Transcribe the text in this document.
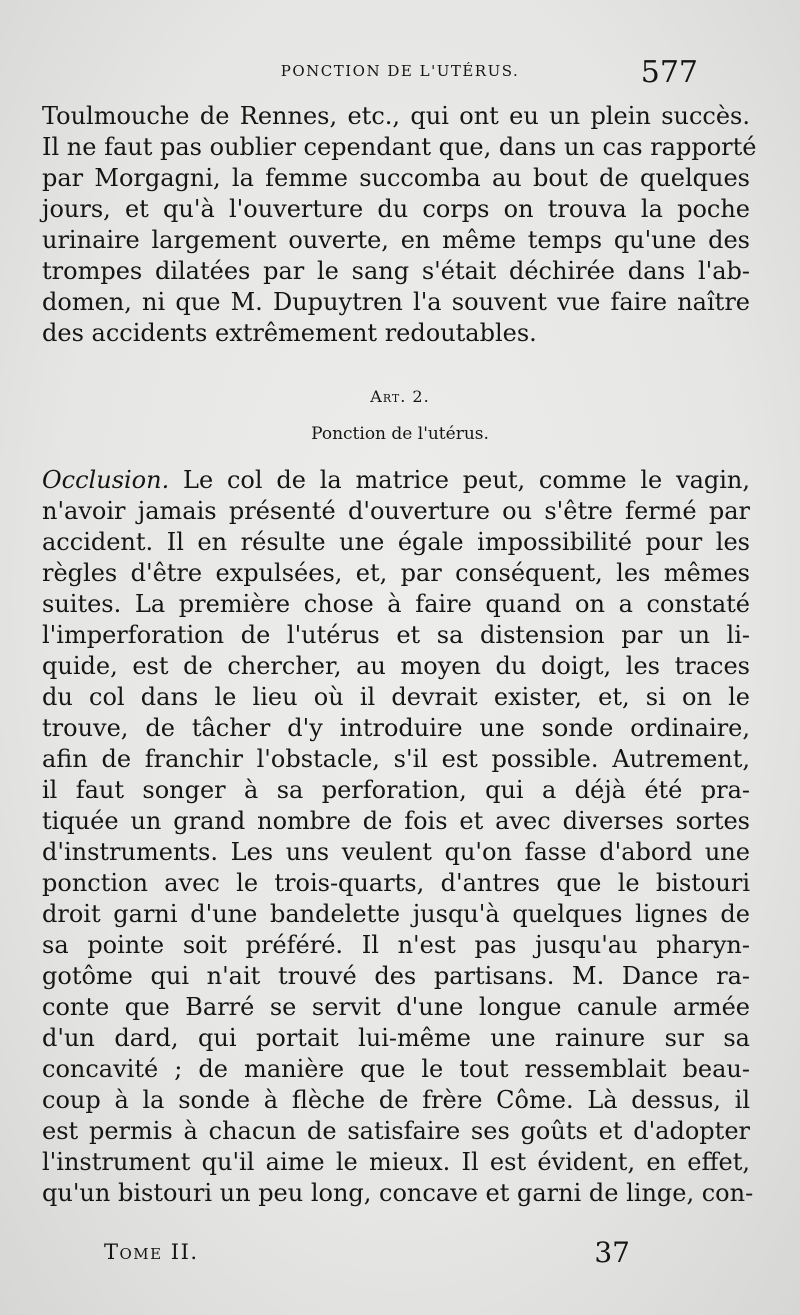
PONCTION DE L'UTÉRUS.	577
Toulmouche de Rennes, etc., qui ont eu un plein succès.
Il ne faut pas oublier cependant que, dans un cas rapporté
par Morgagni, la femme succomba au bout de quelques
jours, et qu'à l'ouverture du corps on trouva la poche
urinaire largement ouverte, en même temps qu'une des
trompes dilatées par le sang s'était déchirée dans l'ab-
domen, ni que M. Dupuytren l'a souvent vue faire naître
des accidents extrêmement redoutables.
Art. 2.
Ponction de l'utérus.
Occlusion. Le col de la matrice peut, comme le vagin,
n'avoir jamais présenté d'ouverture ou s'être fermé par
accident. Il en résulte une égale impossibilité pour les
règles d'être expulsées, et, par conséquent, les mêmes
suites. La première chose à faire quand on a constaté
l'imperforation de l'utérus et sa distension par un li-
quide, est de chercher, au moyen du doigt, les traces
du col dans le lieu où il devrait exister, et, si on le
trouve, de tâcher d'y introduire une sonde ordinaire,
afin de franchir l'obstacle, s'il est possible. Autrement,
il faut songer à sa perforation, qui a déjà été pra-
tiquée un grand nombre de fois et avec diverses sortes
d'instruments. Les uns veulent qu'on fasse d'abord une
ponction avec le trois-quarts, d'antres que le bistouri
droit garni d'une bandelette jusqu'à quelques lignes de
sa pointe soit préféré. Il n'est pas jusqu'au pharyn-
gotôme qui n'ait trouvé des partisans. M. Dance ra-
conte que Barré se servit d'une longue canule armée
d'un dard, qui portait lui-même une rainure sur sa
concavité ; de manière que le tout ressemblait beau-
coup à la sonde à flèche de frère Côme. Là dessus, il
est permis à chacun de satisfaire ses goûts et d'adopter
l'instrument qu'il aime le mieux. Il est évident, en effet,
qu'un bistouri un peu long, concave et garni de linge, con-
Tome II.	37
